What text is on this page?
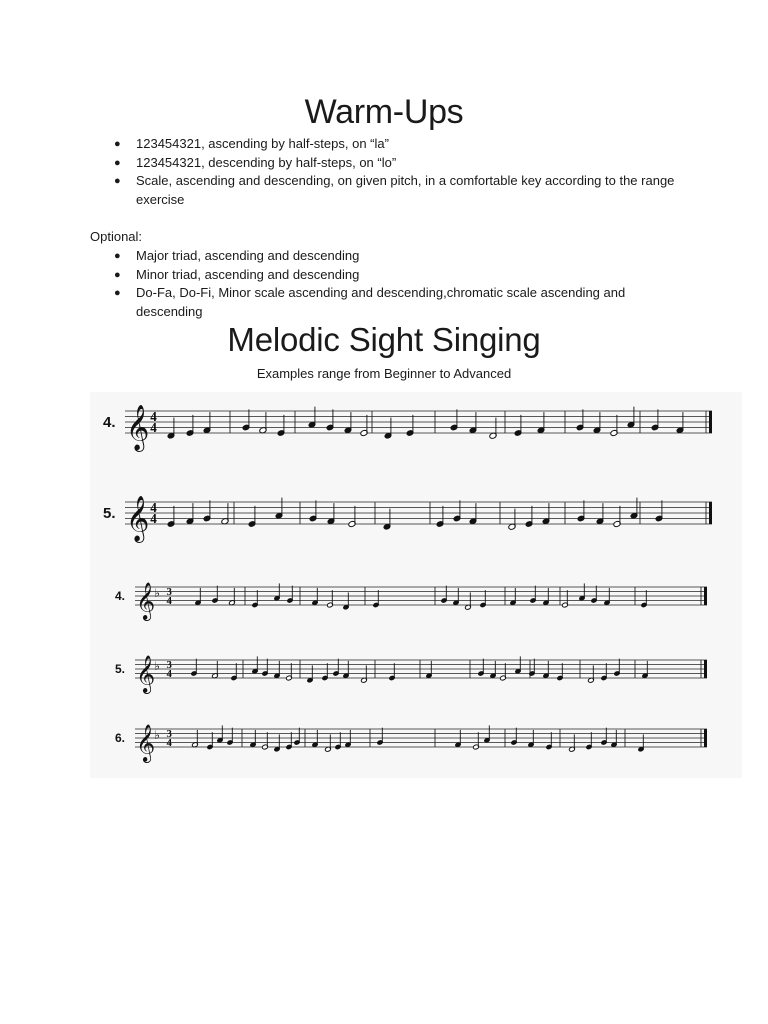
Warm-Ups
● 123454321, ascending by half-steps, on “la”
● 123454321, descending by half-steps, on “lo”
● Scale, ascending and descending, on given pitch, in a comfortable key according to the range exercise
Optional:
● Major triad, ascending and descending
● Minor triad, ascending and descending
● Do-Fa, Do-Fi, Minor scale ascending and descending,chromatic scale ascending and descending
Melodic Sight Singing
Examples range from Beginner to Advanced
4. 𝄞 4
4
5. 𝄞 4
4
4. 𝄞 ♭ 3
4
5. 𝄞 ♭ 3
4
6. 𝄞 ♭ 3
4
